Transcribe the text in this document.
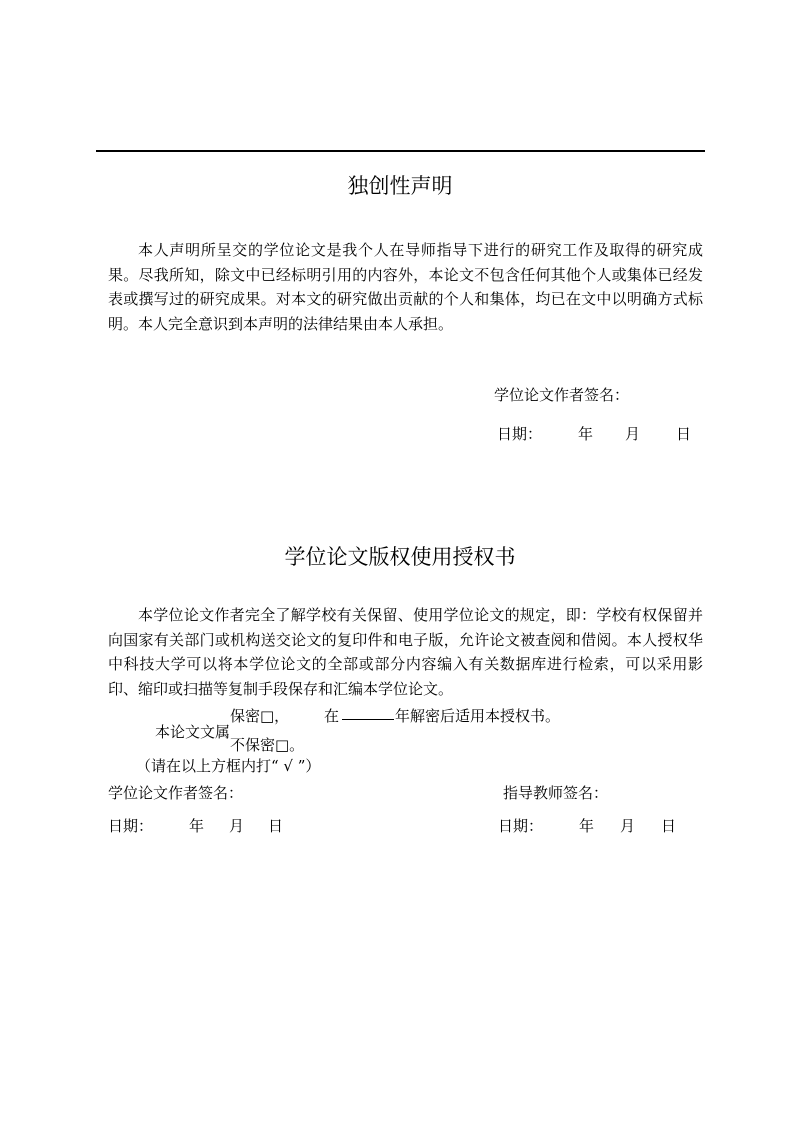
独创性声明

本人声明所呈交的学位论文是我个人在导师指导下进行的研究工作及取得的研究成果。尽我所知，除文中已经标明引用的内容外，本论文不包含任何其他个人或集体已经发表或撰写过的研究成果。对本文的研究做出贡献的个人和集体，均已在文中以明确方式标明。本人完全意识到本声明的法律结果由本人承担。

学位论文作者签名：
日期： 年 月 日
学位论文版权使用授权书

本学位论文作者完全了解学校有关保留、使用学位论文的规定，即：学校有权保留并向国家有关部门或机构送交论文的复印件和电子版，允许论文被查阅和借阅。本人授权华中科技大学可以将本学位论文的全部或部分内容编入有关数据库进行检索，可以采用影印、缩印或扫描等复制手段保存和汇编本学位论文。

保密□， 在	年解密后适用本授权书。
本论文文属
不保密□。
（请在以上方框内打“ √ ”）
学位论文作者签名：	指导教师签名：
日期： 年 月 日	日期： 年 月 日
